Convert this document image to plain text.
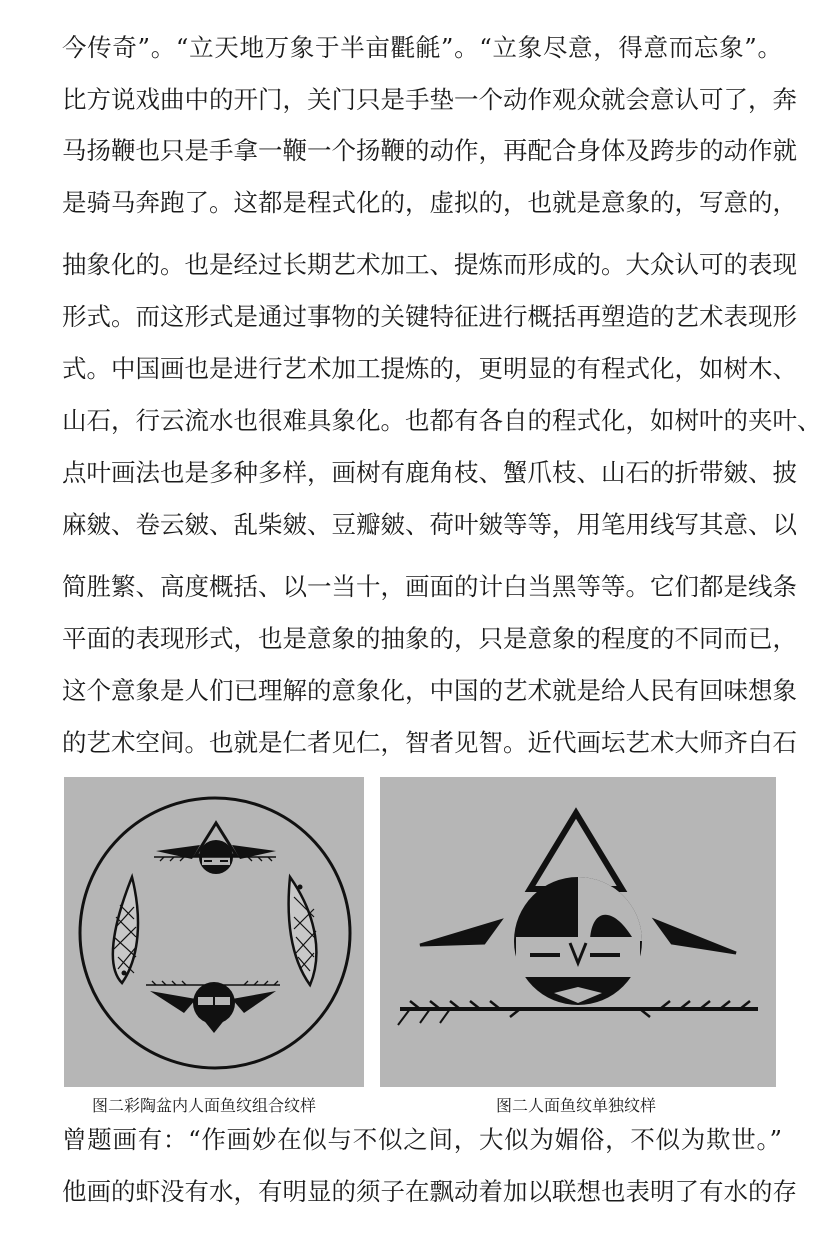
今传奇”。“立天地万象于半亩氍毹”。“立象尽意，得意而忘象”。
比方说戏曲中的开门，关门只是手垫一个动作观众就会意认可了，奔
马扬鞭也只是手拿一鞭一个扬鞭的动作，再配合身体及跨步的动作就
是骑马奔跑了。这都是程式化的，虚拟的，也就是意象的，写意的，
抽象化的。也是经过长期艺术加工、提炼而形成的。大众认可的表现
形式。而这形式是通过事物的关键特征进行概括再塑造的艺术表现形
式。中国画也是进行艺术加工提炼的，更明显的有程式化，如树木、
山石，行云流水也很难具象化。也都有各自的程式化，如树叶的夹叶、
点叶画法也是多种多样，画树有鹿角枝、蟹爪枝、山石的折带皴、披
麻皴、卷云皴、乱柴皴、豆瓣皴、荷叶皴等等，用笔用线写其意、以
简胜繁、高度概括、以一当十，画面的计白当黑等等。它们都是线条
平面的表现形式，也是意象的抽象的，只是意象的程度的不同而已，
这个意象是人们已理解的意象化，中国的艺术就是给人民有回味想象
的艺术空间。也就是仁者见仁，智者见智。近代画坛艺术大师齐白石
图二彩陶盆内人面鱼纹组合纹样	图二人面鱼纹单独纹样
曾题画有：“作画妙在似与不似之间，大似为媚俗，不似为欺世。”
他画的虾没有水，有明显的须子在飘动着加以联想也表明了有水的存
